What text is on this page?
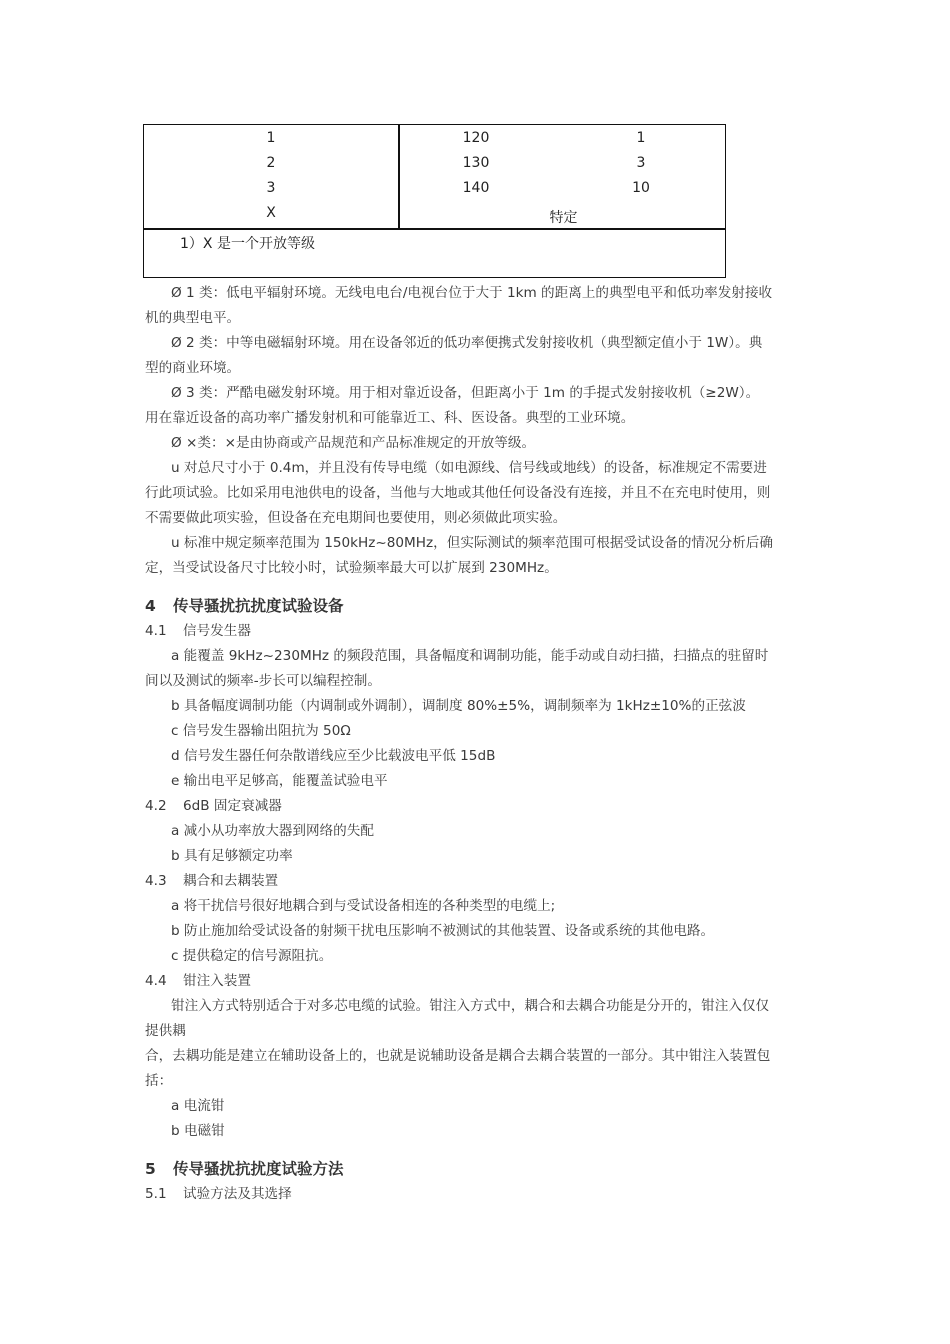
1	120	1
2	130	3
3	140	10
X	特定
1）X 是一个开放等级
Ø 1 类：低电平辐射环境。无线电电台/电视台位于大于 1km 的距离上的典型电平和低功率发射接收
机的典型电平。
Ø 2 类：中等电磁辐射环境。用在设备邻近的低功率便携式发射接收机（典型额定值小于 1W）。典
型的商业环境。
Ø 3 类：严酷电磁发射环境。用于相对靠近设备，但距离小于 1m 的手提式发射接收机（≥2W）。
用在靠近设备的高功率广播发射机和可能靠近工、科、医设备。典型的工业环境。
Ø ×类：×是由协商或产品规范和产品标准规定的开放等级。
u 对总尺寸小于 0.4m，并且没有传导电缆（如电源线、信号线或地线）的设备，标准规定不需要进
行此项试验。比如采用电池供电的设备，当他与大地或其他任何设备没有连接，并且不在充电时使用，则
不需要做此项实验，但设备在充电期间也要使用，则必须做此项实验。
u 标准中规定频率范围为 150kHz~80MHz，但实际测试的频率范围可根据受试设备的情况分析后确
定，当受试设备尺寸比较小时，试验频率最大可以扩展到 230MHz。
4 传导骚扰抗扰度试验设备
4.1 信号发生器
a 能覆盖 9kHz~230MHz 的频段范围，具备幅度和调制功能，能手动或自动扫描，扫描点的驻留时
间以及测试的频率-步长可以编程控制。
b 具备幅度调制功能（内调制或外调制），调制度 80%±5%，调制频率为 1kHz±10%的正弦波
c 信号发生器输出阻抗为 50Ω
d 信号发生器任何杂散谱线应至少比载波电平低 15dB
e 输出电平足够高，能覆盖试验电平
4.2 6dB 固定衰减器
a 减小从功率放大器到网络的失配
b 具有足够额定功率
4.3 耦合和去耦装置
a 将干扰信号很好地耦合到与受试设备相连的各种类型的电缆上;
b 防止施加给受试设备的射频干扰电压影响不被测试的其他装置、设备或系统的其他电路。
c 提供稳定的信号源阻抗。
4.4 钳注入装置
钳注入方式特别适合于对多芯电缆的试验。钳注入方式中，耦合和去耦合功能是分开的，钳注入仅仅
提供耦
合，去耦功能是建立在辅助设备上的，也就是说辅助设备是耦合去耦合装置的一部分。其中钳注入装置包
括：
a 电流钳
b 电磁钳
5 传导骚扰抗扰度试验方法
5.1 试验方法及其选择
